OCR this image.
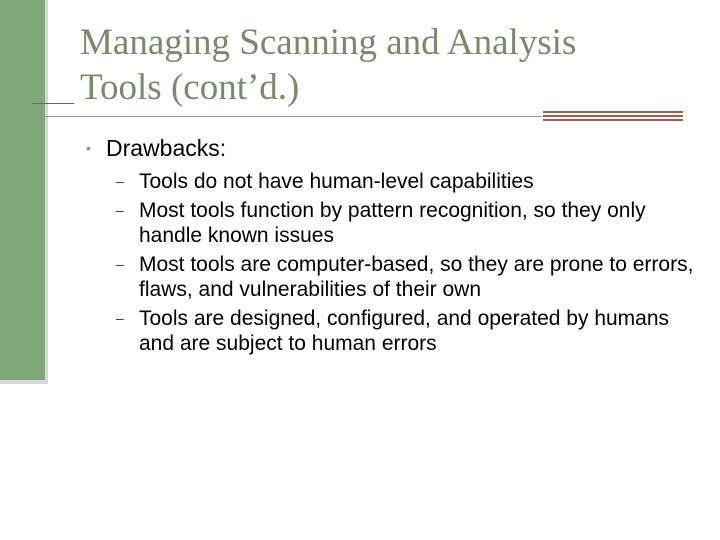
Managing Scanning and Analysis
Tools (cont’d.)
• Drawbacks:
– Tools do not have human-level capabilities
– Most tools function by pattern recognition, so they only handle known issues
– Most tools are computer-based, so they are prone to errors, flaws, and vulnerabilities of their own
– Tools are designed, configured, and operated by humans and are subject to human errors
